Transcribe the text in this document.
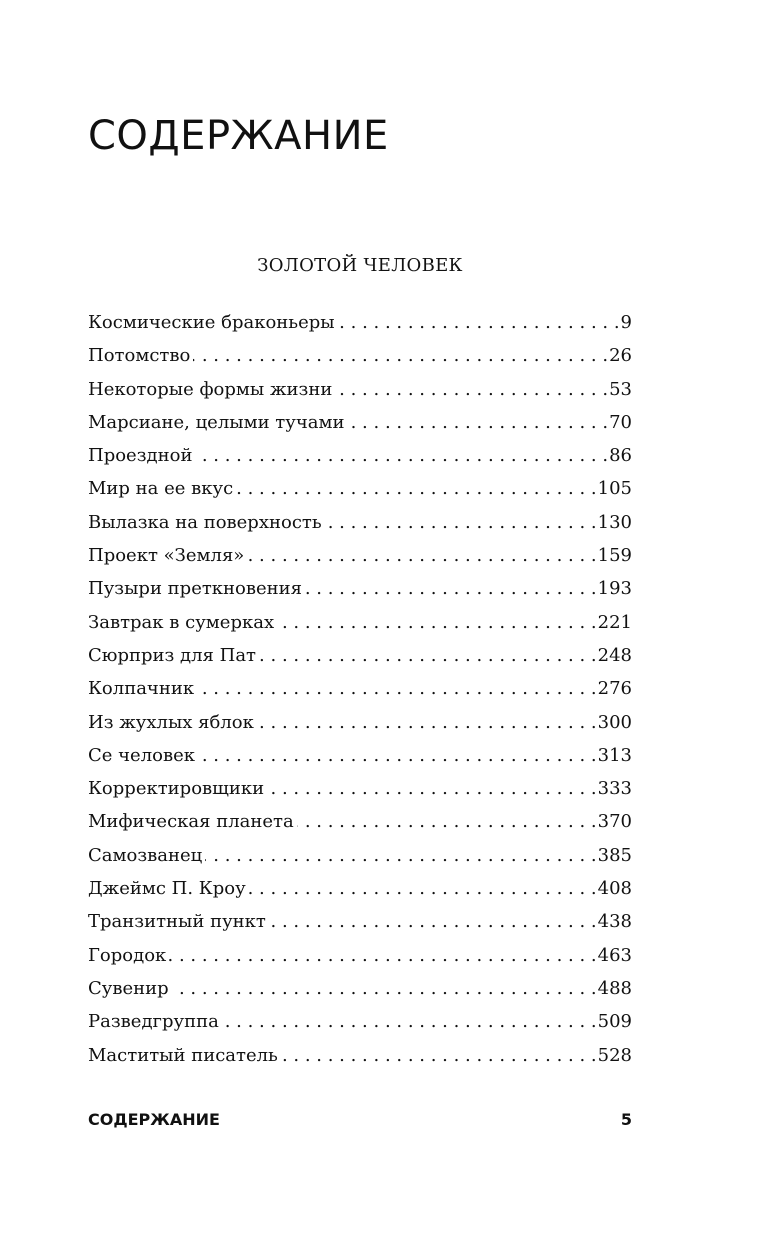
СОДЕРЖАНИЕ
ЗОЛОТОЙ ЧЕЛОВЕК
Космические браконьеры . . .	9
Потомство . . .	26
Некоторые формы жизни . . .	53
Марсиане, целыми тучами . . .	70
Проездной . . .	86
Мир на ее вкус . . .	105
Вылазка на поверхность . . .	130
Проект «Земля» . . .	159
Пузыри преткновения . . .	193
Завтрак в сумерках . . .	221
Сюрприз для Пат . . .	248
Колпачник . . .	276
Из жухлых яблок . . .	300
Се человек . . .	313
Корректировщики . . .	333
Мифическая планета . . .	370
Самозванец . . .	385
Джеймс П. Кроу . . .	408
Транзитный пункт . . .	438
Городок . . .	463
Сувенир . . .	488
Разведгруппа . . .	509
Маститый писатель . . .	528
СОДЕРЖАНИЕ	5
